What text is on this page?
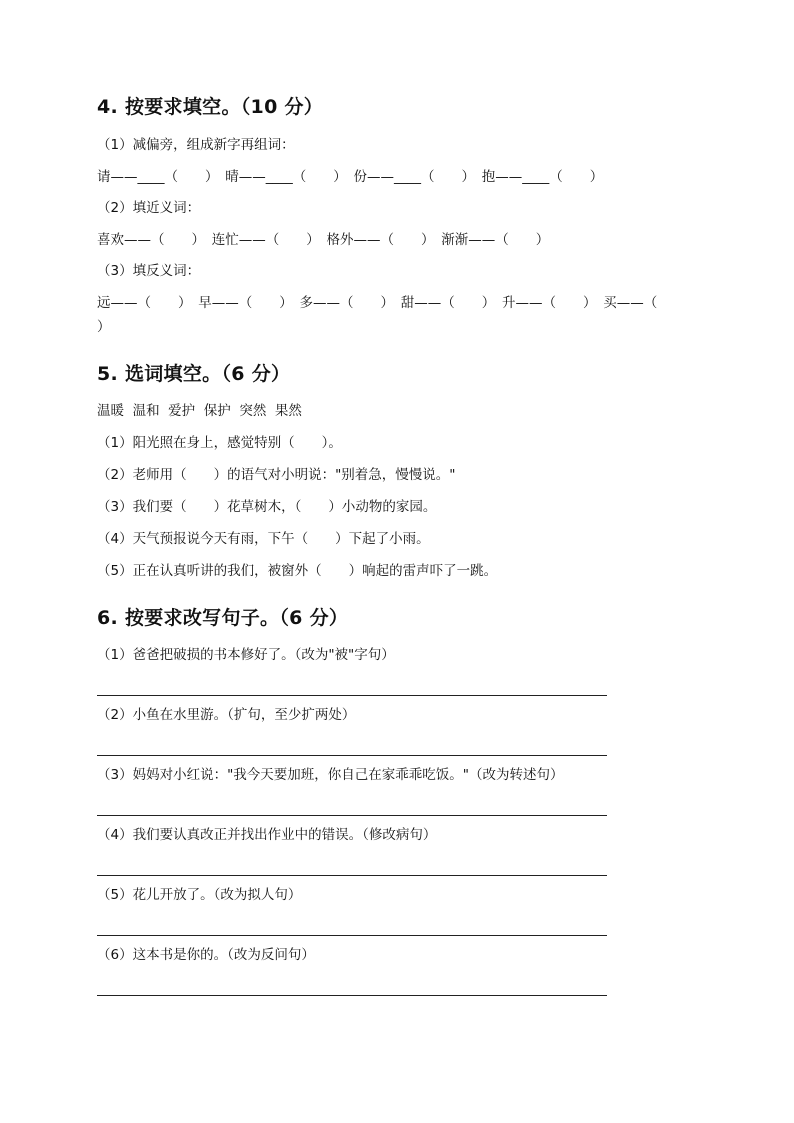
4. 按要求填空。（10 分）
（1）减偏旁，组成新字再组词：
请——____（　　）　晴——____（　　）　份——____（　　）　抱——____（　　）
（2）填近义词：
喜欢——（　　）　连忙——（　　）　格外——（　　）　渐渐——（　　）
（3）填反义词：
远——（　　）　早——（　　）　多——（　　）　甜——（　　）　升——（　　）　买——（
）
5. 选词填空。（6 分）
温暖  温和  爱护  保护  突然  果然
（1）阳光照在身上，感觉特别（　　）。
（2）老师用（　　）的语气对小明说："别着急，慢慢说。"
（3）我们要（　　）花草树木，（　　）小动物的家园。
（4）天气预报说今天有雨，下午（　　）下起了小雨。
（5）正在认真听讲的我们，被窗外（　　）响起的雷声吓了一跳。
6. 按要求改写句子。（6 分）
（1）爸爸把破损的书本修好了。（改为"被"字句）
（2）小鱼在水里游。（扩句，至少扩两处）
（3）妈妈对小红说："我今天要加班，你自己在家乖乖吃饭。"（改为转述句）
（4）我们要认真改正并找出作业中的错误。（修改病句）
（5）花儿开放了。（改为拟人句）
（6）这本书是你的。（改为反问句）
